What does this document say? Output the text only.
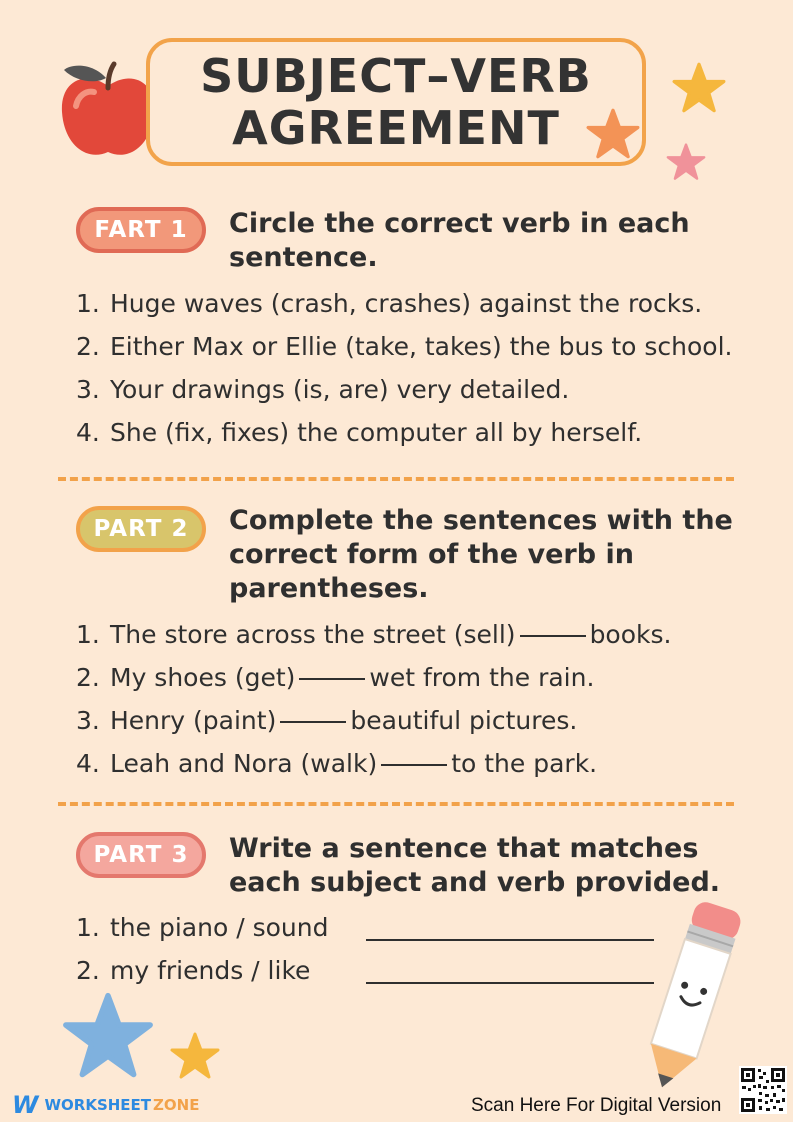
SUBJECT–VERB
AGREEMENT
FART 1	Circle the correct verb in each
sentence.
1. Huge waves (crash, crashes) against the rocks.
2. Either Max or Ellie (take, takes) the bus to school.
3. Your drawings (is, are) very detailed.
4. She (fix, fixes) the computer all by herself.
PART 2	Complete the sentences with the
correct form of the verb in
parentheses.
1. The store across the street (sell)	books.
2. My shoes (get)	wet from the rain.
3. Henry (paint)	beautiful pictures.
4. Leah and Nora (walk)	to the park.
PART 3	Write a sentence that matches
each subject and verb provided.
1. the piano / sound
2. my friends / like
W WORKSHEET ZONE	Scan Here For Digital Version
